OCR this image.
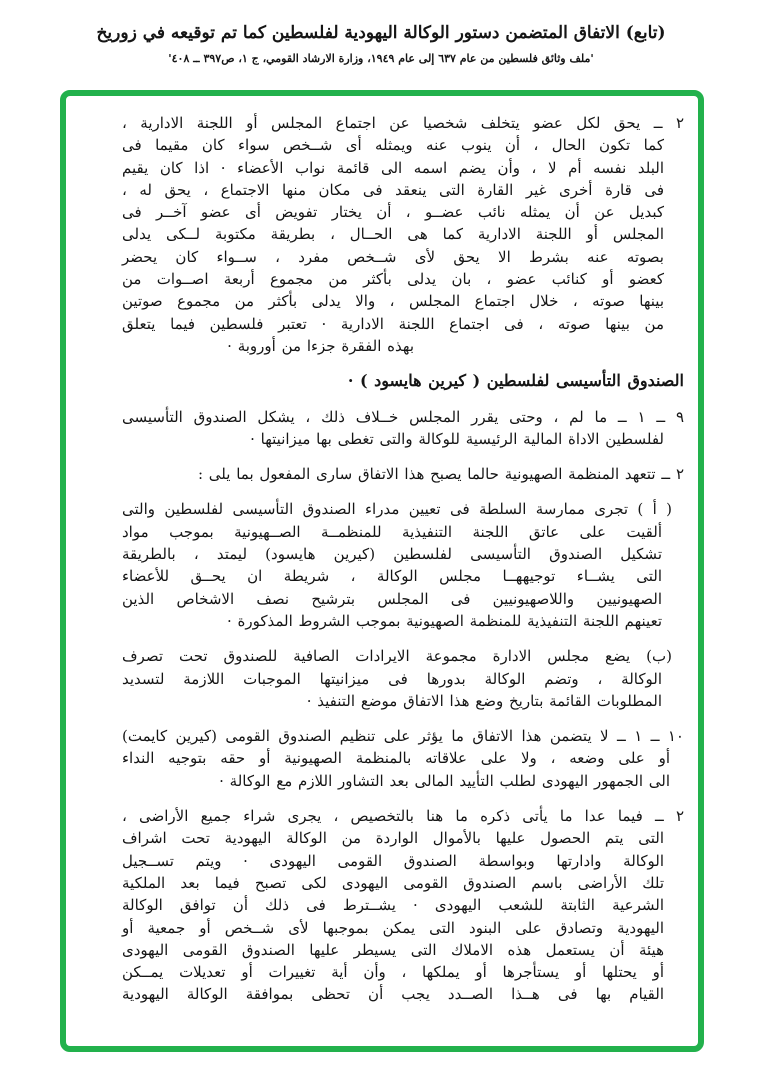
(تابع) الاتفاق المتضمن دستور الوكالة اليهودية لفلسطين كما تم توقيعه في زوريخ
'ملف وثائق فلسطين من عام ٦٣٧ إلى عام ١٩٤٩، وزارة الارشاد القومي، ج ١، ص٣٩٧ ــ ٤٠٨'
٢ ــ يحق لكل عضو يتخلف شخصيا عن اجتماع المجلس أو اللجنة الادارية ،
كما تكون الحال ، أن ينوب عنه ويمثله أى شــخص سواء كان مقيما فى
البلد نفسه أم لا ، وأن يضم اسمه الى قائمة نواب الأعضاء · اذا كان يقيم
فى قارة أخرى غير القارة التى ينعقد فى مكان منها الاجتماع ، يحق له ،
كبديل عن أن يمثله نائب عضــو ، أن يختار تفويض أى عضو آخــر فى
المجلس أو اللجنة الادارية كما هى الحــال ، بطريقة مكتوبة لــكى يدلى
بصوته عنه بشرط الا يحق لأى شــخص مفرد ، ســواء كان يحضر
كعضو أو كنائب عضو ، بان يدلى بأكثر من مجموع أربعة اصــوات من
بينها صوته ، خلال اجتماع المجلس ، والا يدلى بأكثر من مجموع صوتين
من بينها صوته ، فى اجتماع اللجنة الادارية · تعتبر فلسطين فيما يتعلق
بهذه الفقرة جزءا من أوروبة ·
الصندوق التأسيسى لفلسطين ( كيرين هايسود ) ·
٩ ــ ١ ــ ما لم ، وحتى يقرر المجلس خــلاف ذلك ، يشكل الصندوق التأسيسى
لفلسطين الاداة المالية الرئيسية للوكالة والتى تغطى بها ميزانيتها ·
٢ ــ تتعهد المنظمة الصهيونية حالما يصبح هذا الاتفاق سارى المفعول بما يلى :
( أ ) تجرى ممارسة السلطة فى تعيين مدراء الصندوق التأسيسى لفلسطين والتى
ألقيت على عاتق اللجنة التنفيذية للمنظمــة الصــهيونية بموجب مواد
تشكيل الصندوق التأسيسى لفلسطين (كيرين هايسود) ليمتد ، بالطريقة
التى يشــاء توجيههــا مجلس الوكالة ، شريطة ان يحــق للأعضاء
الصهيونيين واللاصهيونيين فى المجلس بترشيح نصف الاشخاص الذين
تعينهم اللجنة التنفيذية للمنظمة الصهيونية بموجب الشروط المذكورة ·
(ب) يضع مجلس الادارة مجموعة الايرادات الصافية للصندوق تحت تصرف
الوكالة ، وتضم الوكالة بدورها فى ميزانيتها الموجبات اللازمة لتسديد
المطلوبات القائمة بتاريخ وضع هذا الاتفاق موضع التنفيذ ·
١٠ ــ ١ ــ لا يتضمن هذا الاتفاق ما يؤثر على تنظيم الصندوق القومى (كيرين كايمت)
أو على وضعه ، ولا على علاقاته بالمنظمة الصهيونية أو حقه بتوجيه النداء
الى الجمهور اليهودى لطلب التأييد المالى بعد التشاور اللازم مع الوكالة ·
٢ ــ فيما عدا ما يأتى ذكره ما هنا بالتخصيص ، يجرى شراء جميع الأراضى ،
التى يتم الحصول عليها بالأموال الواردة من الوكالة اليهودية تحت اشراف
الوكالة وادارتها وبواسطة الصندوق القومى اليهودى · ويتم تســجيل
تلك الأراضى باسم الصندوق القومى اليهودى لكى تصبح فيما بعد الملكية
الشرعية الثابتة للشعب اليهودى · يشــترط فى ذلك أن توافق الوكالة
اليهودية وتصادق على البنود التى يمكن بموجبها لأى شــخص أو جمعية أو
هيئة أن يستعمل هذه الاملاك التى يسيطر عليها الصندوق القومى اليهودى
أو يحتلها أو يستأجرها أو يملكها ، وأن أية تغييرات أو تعديلات يمــكن
القيام بها فى هــذا الصــدد يجب أن تحظى بموافقة الوكالة اليهودية
